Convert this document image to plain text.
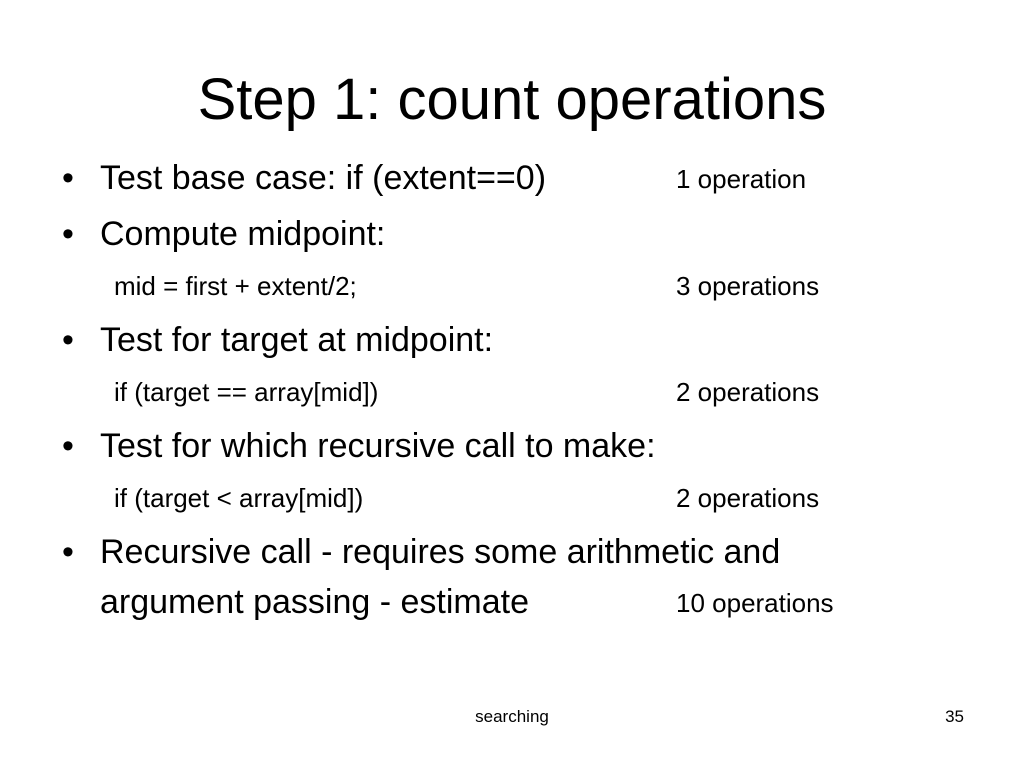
Step 1: count operations
• Test base case: if (extent==0)	1 operation
• Compute midpoint:
mid = first + extent/2;	3 operations
• Test for target at midpoint:
if (target == array[mid])	2 operations
• Test for which recursive call to make:
if (target < array[mid])	2 operations
• Recursive call - requires some arithmetic and
argument passing - estimate	10 operations
searching	35
